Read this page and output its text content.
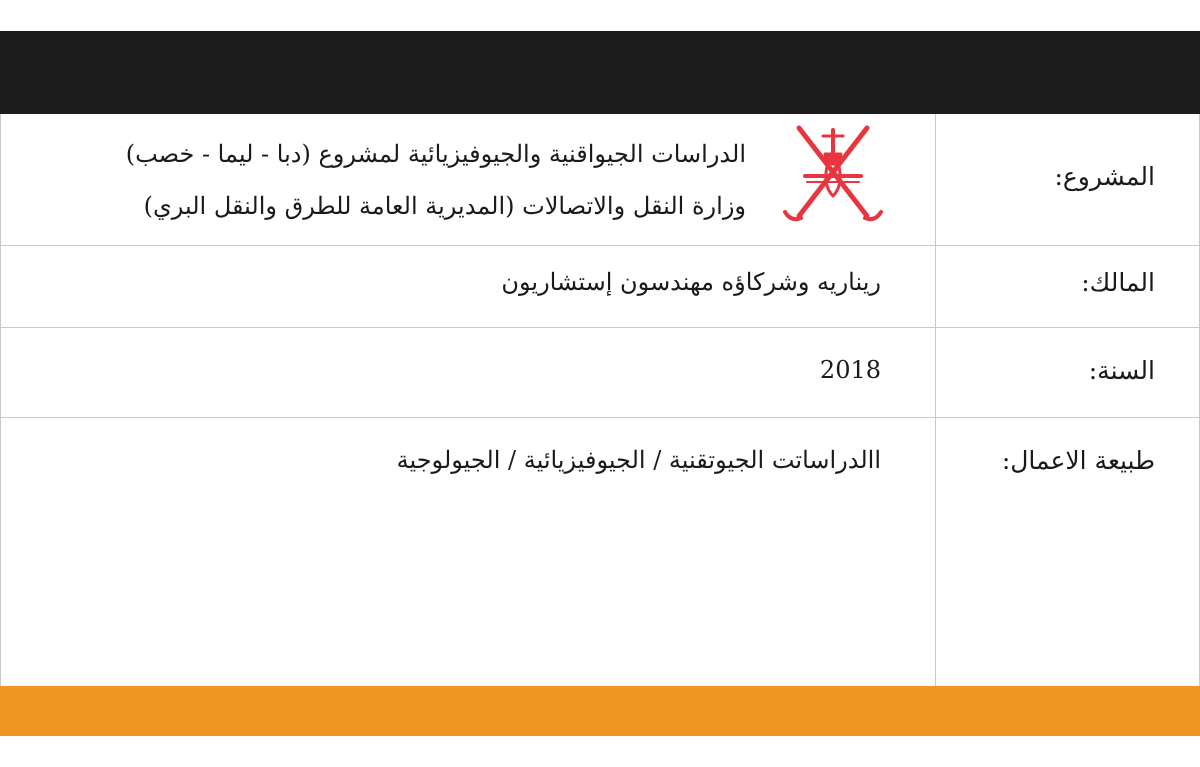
المشروع:
الدراسات الجيواقنية والجيوفيزيائية لمشروع (دبا - ليما - خصب)
وزارة النقل والاتصالات (المديرية العامة للطرق والنقل البري)
المالك:
ريناريه وشركاؤه مهندسون إستشاريون
السنة:
2018
طبيعة الاعمال:
االدراساتت الجيوتقنية / الجيوفيزيائية / الجيولوجية
